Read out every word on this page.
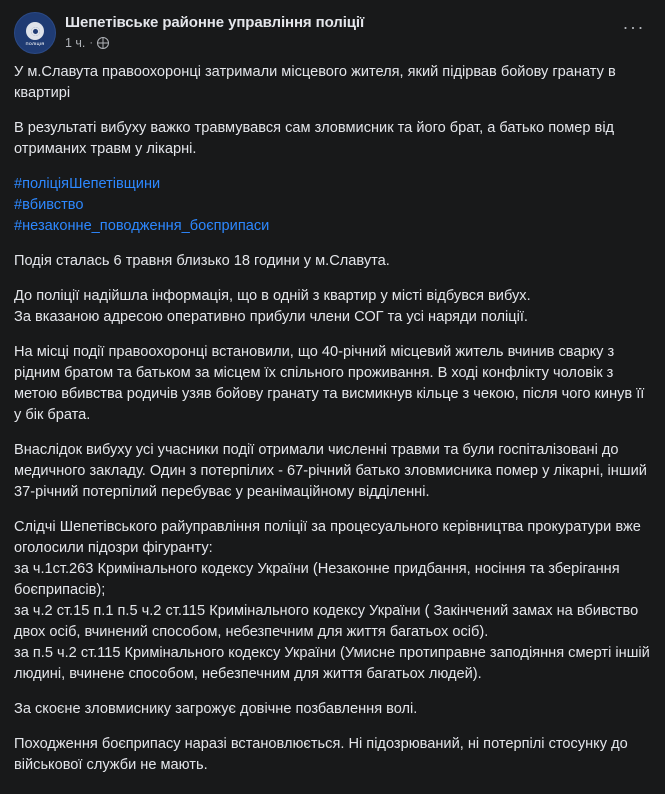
ПОЛІЦІЯ
Шепетівське районне управління поліції
1 ч. ·
···

У м.Славута правоохоронці затримали місцевого жителя, який підірвав бойову гранату в квартирі

В результаті вибуху важко травмувався сам зловмисник та його брат, а батько помер від отриманих травм у лікарні.

#поліціяШепетівщини
#вбивство
#незаконне_поводження_боєприпаси
Подія сталась 6 травня близько 18 години у м.Славута.
До поліції надійшла інформація, що в одній з квартир у місті відбувся вибух.
За вказаною адресою оперативно прибули члени СОГ та усі наряди поліції.
На місці події правоохоронці встановили, що 40-річний місцевий житель вчинив сварку з рідним братом та батьком за місцем їх спільного проживання. В ході конфлікту чоловік з метою вбивства родичів узяв бойову гранату та висмикнув кільце з чекою, після чого кинув її у бік брата.
Внаслідок вибуху усі учасники події отримали численні травми та були госпіталізовані до медичного закладу. Один з потерпілих - 67-річний батько зловмисника помер у лікарні, інший 37-річний потерпілий перебуває у реанімаційному відділенні.
Слідчі Шепетівського райуправління поліції за процесуального керівництва прокуратури вже оголосили підозри фігуранту:
за ч.1ст.263 Кримінального кодексу України (Незаконне придбання, носіння та зберігання боєприпасів);
за ч.2 ст.15 п.1 п.5 ч.2 ст.115 Кримінального кодексу України ( Закінчений замах на вбивство двох осіб, вчинений способом, небезпечним для життя багатьох осіб).
за п.5 ч.2 ст.115 Кримінального кодексу України (Умисне протиправне заподіяння смерті іншій людині, вчинене способом, небезпечним для життя багатьох людей).
За скоєне зловмиснику загрожує довічне позбавлення волі.
Походження боєприпасу наразі встановлюється. Ні підозрюваний, ні потерпілі стосунку до військової служби не мають.
